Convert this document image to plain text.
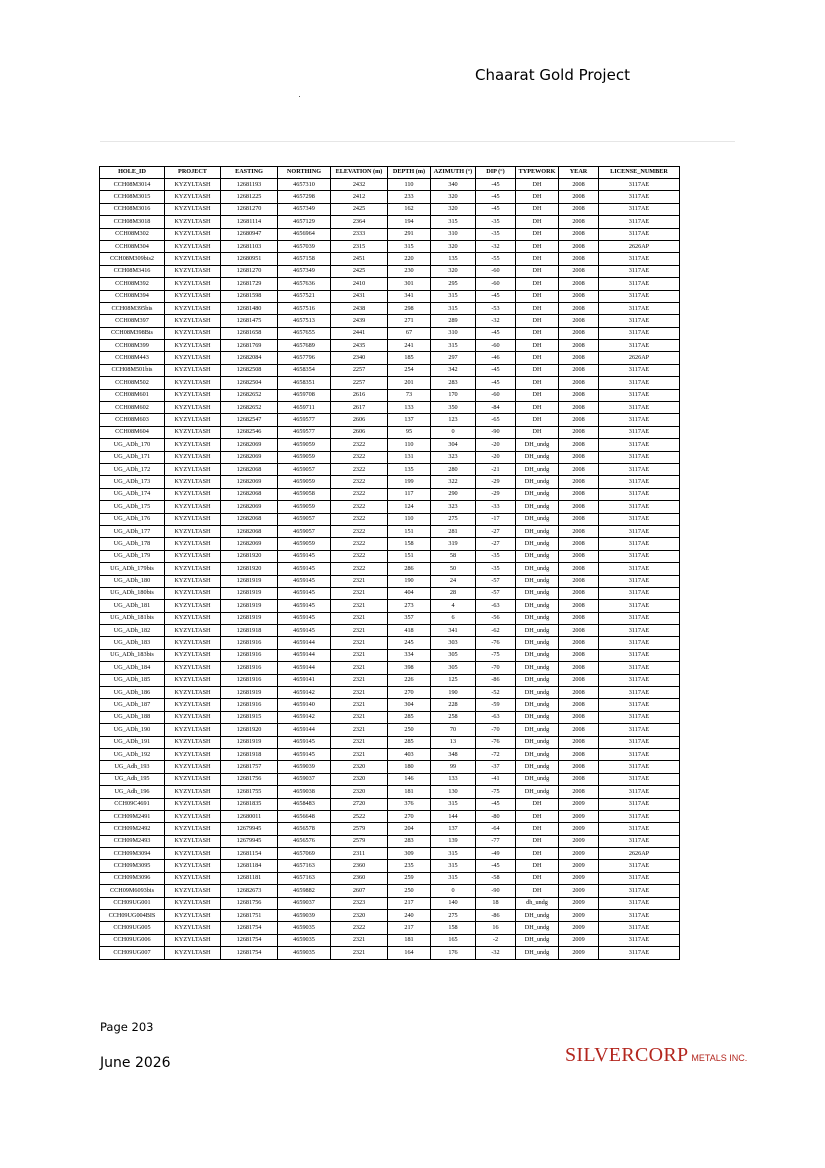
Chaarat Gold Project
HOLE_ID	PROJECT	EASTING	NORTHING	ELEVATION (m)	DEPTH (m)	AZIMUTH (°)	DIP (°)	TYPEWORK	YEAR	LICENSE_NUMBER
CCH08M3014	KYZYLTASH	12681193	4657310	2432	110	340	-45	DH	2008	3117AE
CCH08M3015	KYZYLTASH	12681225	4657298	2412	233	320	-45	DH	2008	3117AE
CCH08M3016	KYZYLTASH	12681270	4657349	2425	162	320	-45	DH	2008	3117AE
CCH08M3018	KYZYLTASH	12681114	4657129	2364	194	315	-35	DH	2008	3117AE
CCH08M302	KYZYLTASH	12680947	4656964	2333	291	310	-35	DH	2008	3117AE
CCH08M304	KYZYLTASH	12681103	4657039	2315	315	320	-32	DH	2008	2626AP
CCH08M309bis2	KYZYLTASH	12680951	4657158	2451	220	135	-55	DH	2008	3117AE
CCH08M3416	KYZYLTASH	12681270	4657349	2425	230	320	-60	DH	2008	3117AE
CCH08M392	KYZYLTASH	12681729	4657636	2410	301	295	-60	DH	2008	3117AE
CCH08M394	KYZYLTASH	12681598	4657521	2431	341	315	-45	DH	2008	3117AE
CCH08M395bis	KYZYLTASH	12681480	4657516	2438	298	315	-53	DH	2008	3117AE
CCH08M397	KYZYLTASH	12681475	4657513	2439	271	289	-32	DH	2008	3117AE
CCH08M398Bis	KYZYLTASH	12681658	4657655	2441	67	310	-45	DH	2008	3117AE
CCH08M399	KYZYLTASH	12681769	4657689	2435	241	315	-60	DH	2008	3117AE
CCH08M443	KYZYLTASH	12682084	4657796	2340	185	297	-46	DH	2008	2626AP
CCH08M501bis	KYZYLTASH	12682508	4658354	2257	254	342	-45	DH	2008	3117AE
CCH08M502	KYZYLTASH	12682504	4658351	2257	201	283	-45	DH	2008	3117AE
CCH08M601	KYZYLTASH	12682652	4659708	2616	73	170	-60	DH	2008	3117AE
CCH08M602	KYZYLTASH	12682652	4659711	2617	133	350	-84	DH	2008	3117AE
CCH08M603	KYZYLTASH	12682547	4659577	2606	137	123	-65	DH	2008	3117AE
CCH08M604	KYZYLTASH	12682546	4659577	2606	95	0	-90	DH	2008	3117AE
UG_ADh_170	KYZYLTASH	12682069	4659059	2322	110	304	-20	DH_undg	2008	3117AE
UG_ADh_171	KYZYLTASH	12682069	4659059	2322	131	323	-20	DH_undg	2008	3117AE
UG_ADh_172	KYZYLTASH	12682068	4659057	2322	135	280	-21	DH_undg	2008	3117AE
UG_ADh_173	KYZYLTASH	12682069	4659059	2322	199	322	-29	DH_undg	2008	3117AE
UG_ADh_174	KYZYLTASH	12682068	4659058	2322	117	290	-29	DH_undg	2008	3117AE
UG_ADh_175	KYZYLTASH	12682069	4659059	2322	124	323	-33	DH_undg	2008	3117AE
UG_ADh_176	KYZYLTASH	12682068	4659057	2322	110	275	-17	DH_undg	2008	3117AE
UG_ADh_177	KYZYLTASH	12682068	4659057	2322	151	281	-27	DH_undg	2008	3117AE
UG_ADh_178	KYZYLTASH	12682069	4659059	2322	158	319	-27	DH_undg	2008	3117AE
UG_ADh_179	KYZYLTASH	12681920	4659145	2322	151	58	-35	DH_undg	2008	3117AE
UG_ADh_179bis	KYZYLTASH	12681920	4659145	2322	286	50	-35	DH_undg	2008	3117AE
UG_ADh_180	KYZYLTASH	12681919	4659145	2321	190	24	-57	DH_undg	2008	3117AE
UG_ADh_180bis	KYZYLTASH	12681919	4659145	2321	404	28	-57	DH_undg	2008	3117AE
UG_ADh_181	KYZYLTASH	12681919	4659145	2321	273	4	-63	DH_undg	2008	3117AE
UG_ADh_181bis	KYZYLTASH	12681919	4659145	2321	357	6	-56	DH_undg	2008	3117AE
UG_ADh_182	KYZYLTASH	12681918	4659145	2321	418	341	-62	DH_undg	2008	3117AE
UG_ADh_183	KYZYLTASH	12681916	4659144	2321	245	303	-76	DH_undg	2008	3117AE
UG_ADh_183bis	KYZYLTASH	12681916	4659144	2321	334	305	-75	DH_undg	2008	3117AE
UG_ADh_184	KYZYLTASH	12681916	4659144	2321	398	305	-70	DH_undg	2008	3117AE
UG_ADh_185	KYZYLTASH	12681916	4659141	2321	226	125	-86	DH_undg	2008	3117AE
UG_ADh_186	KYZYLTASH	12681919	4659142	2321	270	190	-52	DH_undg	2008	3117AE
UG_ADh_187	KYZYLTASH	12681916	4659140	2321	304	228	-59	DH_undg	2008	3117AE
UG_ADh_188	KYZYLTASH	12681915	4659142	2321	285	258	-63	DH_undg	2008	3117AE
UG_ADh_190	KYZYLTASH	12681920	4659144	2321	250	70	-70	DH_undg	2008	3117AE
UG_ADh_191	KYZYLTASH	12681919	4659145	2321	285	13	-76	DH_undg	2008	3117AE
UG_ADh_192	KYZYLTASH	12681918	4659145	2321	403	348	-72	DH_undg	2008	3117AE
UG_Adh_193	KYZYLTASH	12681757	4659039	2320	180	99	-37	DH_undg	2008	3117AE
UG_Adh_195	KYZYLTASH	12681756	4659037	2320	146	133	-41	DH_undg	2008	3117AE
UG_Adh_196	KYZYLTASH	12681755	4659038	2320	181	130	-75	DH_undg	2008	3117AE
CCH09C4691	KYZYLTASH	12681835	4658483	2720	376	315	-45	DH	2009	3117AE
CCH09M2491	KYZYLTASH	12680011	4656648	2522	270	144	-80	DH	2009	3117AE
CCH09M2492	KYZYLTASH	12679945	4656578	2579	204	137	-64	DH	2009	3117AE
CCH09M2493	KYZYLTASH	12679945	4656576	2579	283	139	-77	DH	2009	3117AE
CCH09M3094	KYZYLTASH	12681154	4657069	2311	309	315	-49	DH	2009	2626AP
CCH09M3095	KYZYLTASH	12681184	4657163	2360	235	315	-45	DH	2009	3117AE
CCH09M3096	KYZYLTASH	12681181	4657163	2360	259	315	-58	DH	2009	3117AE
CCH09M6093bis	KYZYLTASH	12682673	4659882	2607	250	0	-90	DH	2009	3117AE
CCH09UG001	KYZYLTASH	12681756	4659037	2323	217	140	18	dh_undg	2009	3117AE
CCH09UG004BIS	KYZYLTASH	12681751	4659039	2320	240	275	-86	DH_undg	2009	3117AE
CCH09UG005	KYZYLTASH	12681754	4659035	2322	217	158	16	DH_undg	2009	3117AE
CCH09UG006	KYZYLTASH	12681754	4659035	2321	181	165	-2	DH_undg	2009	3117AE
CCH09UG007	KYZYLTASH	12681754	4659035	2321	164	176	-32	DH_undg	2009	3117AE
Page 203
June 2026	SILVERCORP METALS INC.
